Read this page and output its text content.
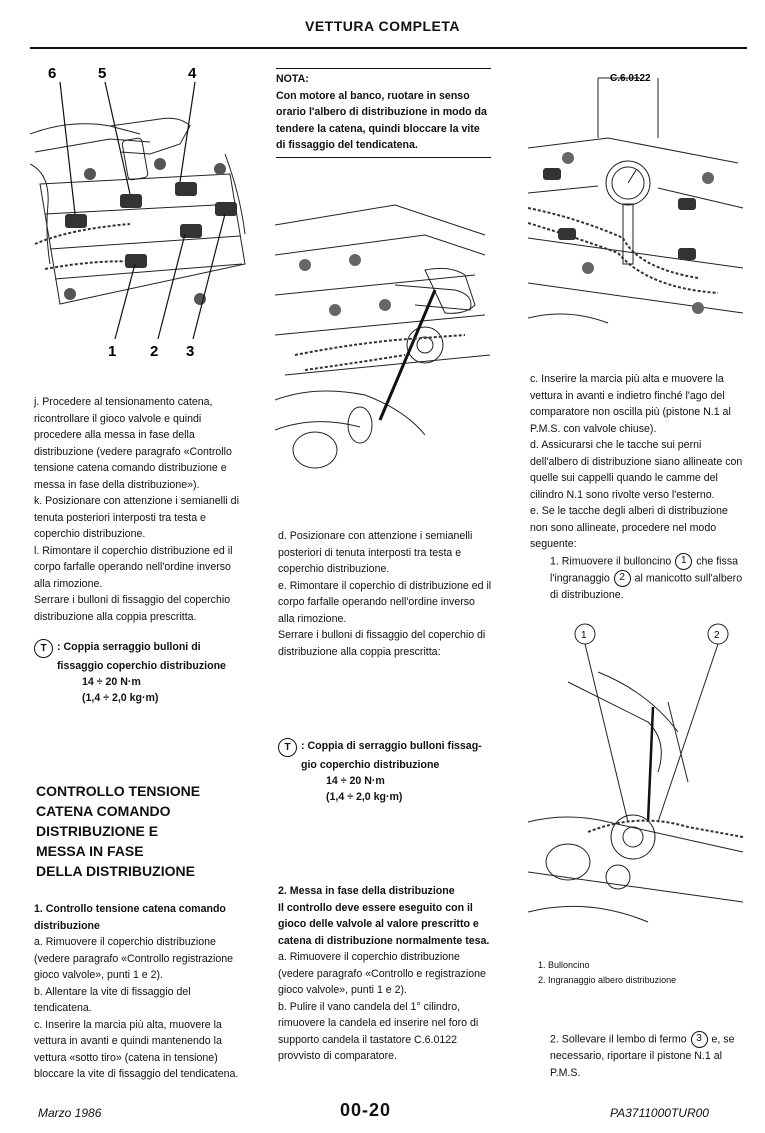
VETTURA COMPLETA
6	5	4
1 2 3
NOTA:
Con motore al banco, ruotare in senso orario l'albero di distribuzione in modo da tendere la catena, quindi bloccare la vite di fissaggio del tendicatena.
C.6.0122

j. Procedere al tensionamento catena, ricontrollare il gioco valvole e quindi procedere alla messa in fase della distribuzione (vedere paragrafo «Controllo tensione catena comando distribuzione e messa in fase della distribuzione»).

k. Posizionare con attenzione i semianelli di tenuta posteriori interposti tra testa e coperchio distribuzione.

l. Rimontare il coperchio distribuzione ed il corpo farfalle operando nell'ordine inverso alla rimozione.

Serrare i bulloni di fissaggio del coperchio distribuzione alla coppia prescritta.

T : Coppia serraggio bulloni di
fissaggio coperchio distribuzione
14 ÷ 20 N·m
(1,4 ÷ 2,0 kg·m)
CONTROLLO TENSIONE
CATENA COMANDO
DISTRIBUZIONE E
MESSA IN FASE
DELLA DISTRIBUZIONE

1. Controllo tensione catena comando distribuzione

a. Rimuovere il coperchio distribuzione (vedere paragrafo «Controllo registrazione gioco valvole», punti 1 e 2).

b. Allentare la vite di fissaggio del tendicatena.

c. Inserire la marcia più alta, muovere la vettura in avanti e quindi mantenendo la vettura «sotto tiro» (catena in tensione) bloccare la vite di fissaggio del tendicatena.

d. Posizionare con attenzione i semianelli posteriori di tenuta interposti tra testa e coperchio distribuzione.

e. Rimontare il coperchio di distribuzione ed il corpo farfalle operando nell'ordine inverso alla rimozione.

Serrare i bulloni di fissaggio del coperchio di distribuzione alla coppia prescritta:

T : Coppia di serraggio bulloni fissag-
gio coperchio distribuzione
14 ÷ 20 N·m
(1,4 ÷ 2,0 kg·m)

2. Messa in fase della distribuzione

Il controllo deve essere eseguito con il gioco delle valvole al valore prescritto e catena di distribuzione normalmente tesa.

a. Rimuovere il coperchio distribuzione (vedere paragrafo «Controllo e registrazione gioco valvole», punti 1 e 2).

b. Pulire il vano candela del 1° cilindro, rimuovere la candela ed inserire nel foro di supporto candela il tastatore C.6.0122 provvisto di comparatore.

c. Inserire la marcia più alta e muovere la vettura in avanti e indietro finché l'ago del comparatore non oscilla più (pistone N.1 al P.M.S. con valvole chiuse).

d. Assicurarsi che le tacche sui perni dell'albero di distribuzione siano allineate con quelle sui cappelli quando le camme del cilindro N.1 sono rivolte verso l'esterno.

e. Se le tacche degli alberi di distribuzione non sono allineate, procedere nel modo seguente:

1. Rimuovere il bulloncino 1 che fissa l'ingranaggio 2 al manicotto sull'albero di distribuzione.

1	2
1. Bulloncino
2. Ingranaggio albero distribuzione

2. Sollevare il lembo di fermo 3 e, se necessario, riportare il pistone N.1 al P.M.S.

Marzo 1986	00-20	PA3711000TUR00
